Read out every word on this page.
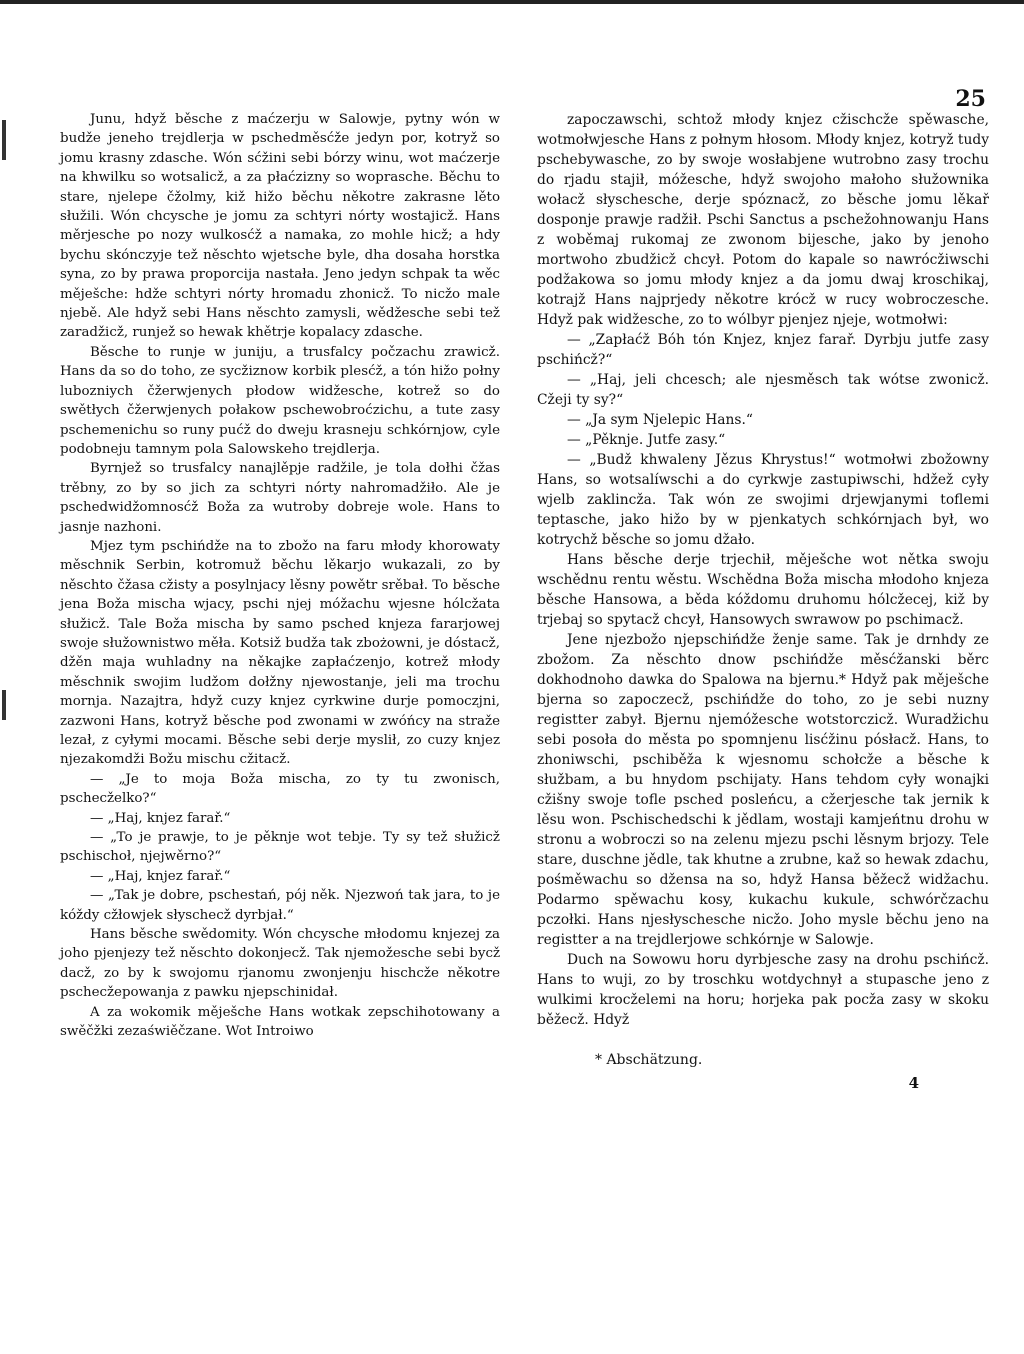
25

Junu, hdyž bě​sche z maćzerju w Salowje, pytny wón w budže jeneho trejdlerja w pschedměsćže jedyn por, kotryž so jomu krasny zdasche. Wón sćžini sebi bórzy winu, wot maćzerje na khwilku so wotsalicž, a za płaćzizny so woprasche. Běchu to stare, njelepe čžolmy, kiž hižo běchu někotre zakrasne lěto słužili. Wón chcysche je jomu za schtyri nórty wostajicž. Hans měrjesche po nozy wulkosćž a namaka, zo mohle hicž; a hdy bychu skónczyje tež něschto wjetsche byle, dha dosaha horstka syna, zo by prawa proporcija nastała. Jeno jedyn schpak ta wěc měješche: hdže schtyri nórty hromadu zhonicž. To nicžo male njebě. Ale hdyž sebi Hans něschto zamysli, wědžesche sebi tež zaradžicž, runjež so hewak khětrje kopalacy zdasche.

Běsche to runje w juniju, a trusfalcy počzachu zrawicž. Hans da so do toho, ze sycžiznow korbik plesćž, a tón hižo połny lubozniych čžerwjenych płodow widžesche, kotrež so do swětłych čžerwjenych połakow pschewobroćzichu, a tute zasy pschemenichu so runy pućž do dweju krasneju schkórnjow, cyle podobneju tamnym pola Salowskeho trejdlerja.

Byrnjež so trusfalcy nanajlěpje radžile, je tola dołhi čžas trěbny, zo by so jich za schtyri nórty nahromadžiło. Ale je pschedwidžomnosćž Boža za wutroby dobreje wole. Hans to jasnje nazhoni.

Mjez tym pschińdže na to zbožo na faru młody khorowaty měschnik Serbin, kotromuž běchu lěkarjo wukazali, zo by něschto čžasa cžisty a posylnjacy lěsny powětr srěbał. To běsche jena Boža mischa wjacy, pschi njej móžachu wjesne hólcžata słužicž. Tale Boža mischa by samo psched knjeza fararjowej swoje słužownistwo měła. Kotsiž budža tak zbożowni, je dóstacž, džěn maja wuhladny na někajke zapłaćzenjo, kotrež młody měschnik swojim ludžom dołžny njewostanje, jeli ma trochu mornja. Nazajtra, hdyž cuzy knjez cyrkwine durje pomoczjni, zazwoni Hans, kotryž běsche pod zwonami w zwóńcy na straže lezał, z cyłymi mocami. Běsche sebi derje myslił, zo cuzy knjez njezakomdži Božu mischu cžitacž.

— „Je to moja Boža mischa, zo ty tu zwonisch, pschecželko?“

— „Haj, knjez farař.“

— „To je prawje, to je pěknje wot tebje. Ty sy tež słužicž pschischoł, njejwěrno?“

— „Haj, knjez farař.“

— „Tak je dobre, pschestań, pój něk. Njezwoń tak jara, to je kóždy cžłowjek słyschecž dyrbjał.“

Hans běsche swědomity. Wón chcysche młodomu knjezej za joho pjenjezy tež něschto dokonjecž. Tak njemožesche sebi bycž dacž, zo by k swojomu rjanomu zwonjenju hischcže někotre pschecžepowanja z pawku njepschinidał.

A za wokomik měješche Hans wotkak zepschihotowany a swěčžki zezaświěčzane. Wot Introiwo

zapoczawschi, schtož młody knjez cžischcže spěwasche, wotmołwjesche Hans z połnym hłosom. Młody knjez, kotryž tudy pschebywasche, zo by swoje wosłabjene wutrobno zasy trochu do rjadu stajił, móžesche, hdyž swojoho małoho słužownika wołacž słyschesche, derje spóznacž, zo běsche jomu lěkař dosponje prawje radžił. Pschi Sanctus a pschežohnowanju Hans z woběmaj rukomaj ze zwonom bijesche, jako by jenoho mortwoho zbudžicž chcył. Potom do kapale so nawrócžiwschi podžakowa so jomu młody knjez a da jomu dwaj krosch​ikaj, kotrajž Hans najprjedy někotre krócž w rucy wobroczesche. Hdyž pak widžesche, zo to wólbyr pjenjez njeje, wotmołwi:

— „Zapłaćž Bóh tón Knjez, knjez farař. Dyrbju jutfe zasy pschińcž?“

— „Haj, jeli chcesch; ale njesměsch tak wótse zwonicž. Cžeji ty sy?“

— „Ja sym Njelepic Hans.“

— „Pěknje. Jutfe zasy.“

— „Budž khwaleny Jězus Khrystus!“ wotmołwi zbožowny Hans, so wotsalíwschi a do cyrkwje zastupiwschi, hdžež cyły wjelb zaklincža. Tak wón ze swojimi drjewjanymi toflemi teptasche, jako hižo by w pjenkatych schkórnjach był, wo kotrychž běsche so jomu džało.

Hans běsche derje trjechił, měješche wot nětka swoju wschědnu rentu wěstu. Wschědna Boža mischa młodoho knjeza běsche Hansowa, a běda kóždomu druhomu hólcžecej, kiž by trjebaj so spytacž chcył, Hansowych swrawow po pschimacž.

Jene njezbožo njepschińdže ženje same. Tak je drnhdy ze zbožom. Za něschto dnow pschińdže měsćžanski běrc dokhodnoho dawka do Spalowa na bjernu.* Hdyž pak měješche bjerna so zapoczecž, pschińdže do toho, zo je sebi nuzny registter zabył. Bjernu njemóžesche wotstorczicž. Wuradžichu sebi posoła do města po spomnjenu lisćžinu pósłacž. Hans, to zhoniwschi, pschiběža k wjesnomu schołcže a běsche k słužbam, a bu hnydom pschijaty. Hans tehdom cyły wonajki cžišny swoje tofle psched posleńcu, a cžerjesche tak jernik k lěsu won. Pschischedschi k jědlam, wostaji kamjeńtnu drohu w stronu a wobroczi so na zelenu mjezu pschi lěsnym brjozy. Tele stare, duschne jědle, tak khutne a zrubne, kaž so hewak zdachu, pośměwachu so džensa na so, hdyž Hansa běžecž widžachu. Podarmo spěwachu kosy, kukachu kukule, schwórčzachu pczołki. Hans njesłyschesche nicžo. Joho mysle běchu jeno na registter a na trejdlerjowe schkórnje w Salowje.

Duch na Sowowu horu dyrbjesche zasy na drohu pschińcž. Hans to wuji, zo by troschku wotdychnył a stupasche jeno z wulkimi krocželemi na horu; horjeka pak pocža zasy w skoku běžecž. Hdyž

* Abschätzung.
4
